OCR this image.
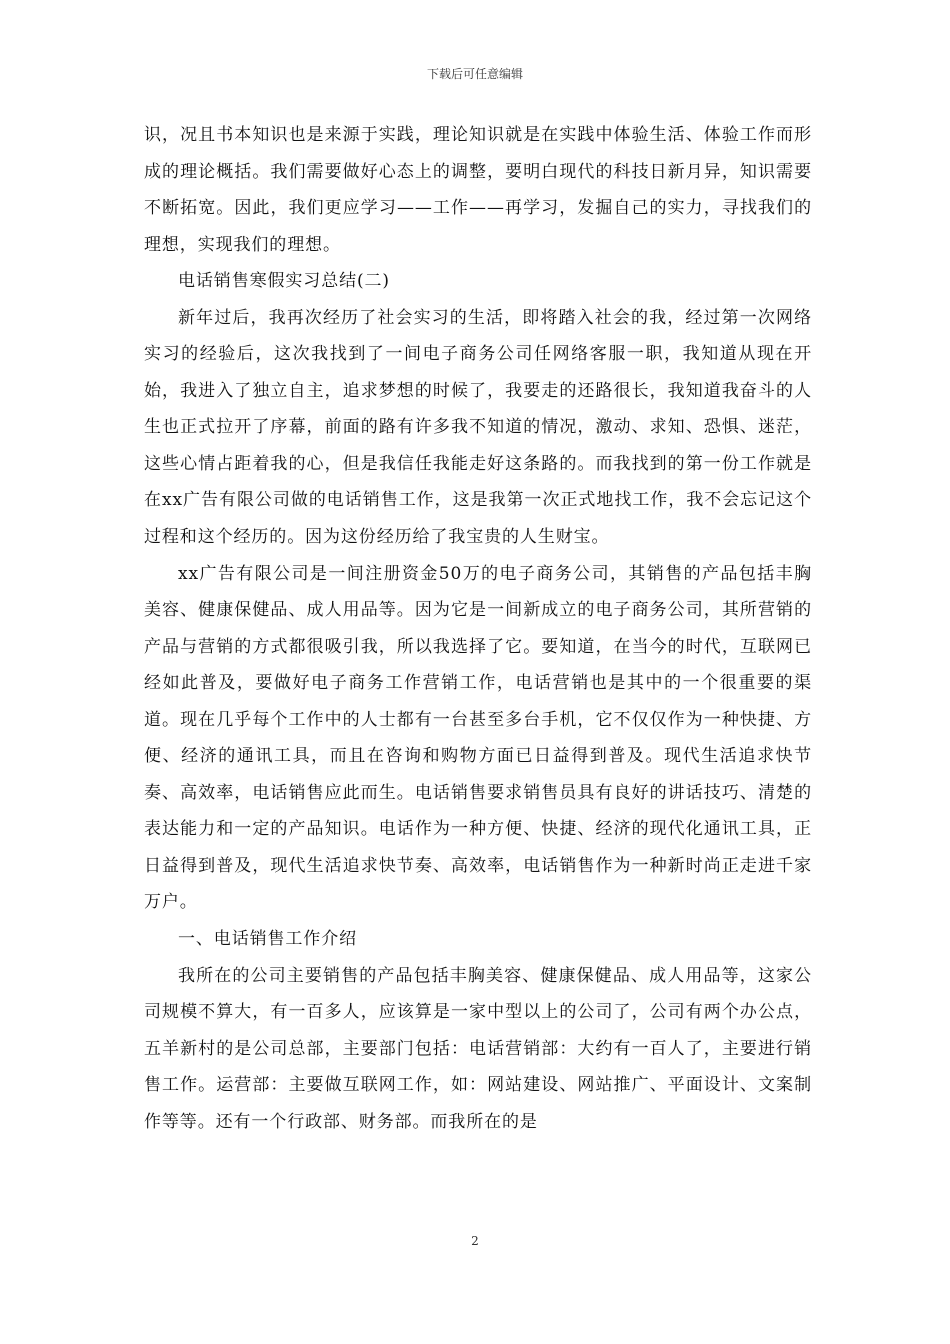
下载后可任意编辑

识，况且书本知识也是来源于实践，理论知识就是在实践中体验生活、体验工作而形成的理论概括。我们需要做好心态上的调整，要明白现代的科技日新月异，知识需要不断拓宽。因此，我们更应学习——工作——再学习，发掘自己的实力，寻找我们的理想，实现我们的理想。

电话销售寒假实习总结(二)

新年过后，我再次经历了社会实习的生活，即将踏入社会的我，经过第一次网络实习的经验后，这次我找到了一间电子商务公司任网络客服一职，我知道从现在开始，我进入了独立自主，追求梦想的时候了，我要走的还路很长，我知道我奋斗的人生也正式拉开了序幕，前面的路有许多我不知道的情况，激动、求知、恐惧、迷茫，这些心情占距着我的心，但是我信任我能走好这条路的。而我找到的第一份工作就是在xx广告有限公司做的电话销售工作，这是我第一次正式地找工作，我不会忘记这个过程和这个经历的。因为这份经历给了我宝贵的人生财宝。

xx广告有限公司是一间注册资金50万的电子商务公司，其销售的产品包括丰胸美容、健康保健品、成人用品等。因为它是一间新成立的电子商务公司，其所营销的产品与营销的方式都很吸引我，所以我选择了它。要知道，在当今的时代，互联网已经如此普及，要做好电子商务工作营销工作，电话营销也是其中的一个很重要的渠道。现在几乎每个工作中的人士都有一台甚至多台手机，它不仅仅作为一种快捷、方便、经济的通讯工具，而且在咨询和购物方面已日益得到普及。现代生活追求快节奏、高效率，电话销售应此而生。电话销售要求销售员具有良好的讲话技巧、清楚的表达能力和一定的产品知识。电话作为一种方便、快捷、经济的现代化通讯工具，正日益得到普及，现代生活追求快节奏、高效率，电话销售作为一种新时尚正走进千家万户。

一、电话销售工作介绍

我所在的公司主要销售的产品包括丰胸美容、健康保健品、成人用品等，这家公司规模不算大，有一百多人，应该算是一家中型以上的公司了，公司有两个办公点，五羊新村的是公司总部，主要部门包括：电话营销部：大约有一百人了，主要进行销售工作。运营部：主要做互联网工作，如：网站建设、网站推广、平面设计、文案制作等等。还有一个行政部、财务部。而我所在的是

2
